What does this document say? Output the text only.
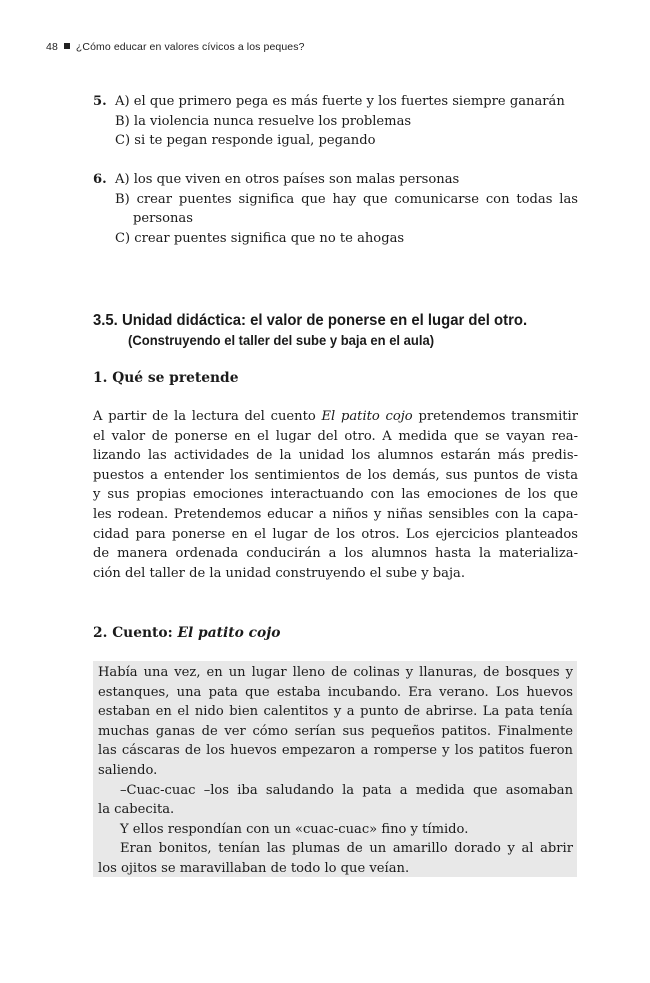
48 ¿Cómo educar en valores cívicos a los peques?
5. A) el que primero pega es más fuerte y los fuertes siempre ganarán
B) la violencia nunca resuelve los problemas
C) si te pegan responde igual, pegando
6. A) los que viven en otros países son malas personas
B) crear puentes significa que hay que comunicarse con todas las
personas
C) crear puentes significa que no te ahogas
3.5. Unidad didáctica: el valor de ponerse en el lugar del otro.
(Construyendo el taller del sube y baja en el aula)
1. Qué se pretende
A partir de la lectura del cuento El patito cojo pretendemos transmitir
el valor de ponerse en el lugar del otro. A medida que se vayan rea-
lizando las actividades de la unidad los alumnos estarán más predis-
puestos a entender los sentimientos de los demás, sus puntos de vista
y sus propias emociones interactuando con las emociones de los que
les rodean. Pretendemos educar a niños y niñas sensibles con la capa-
cidad para ponerse en el lugar de los otros. Los ejercicios planteados
de manera ordenada conducirán a los alumnos hasta la materializa-
ción del taller de la unidad construyendo el sube y baja.
2. Cuento: El patito cojo
Había una vez, en un lugar lleno de colinas y llanuras, de bosques y
estanques, una pata que estaba incubando. Era verano. Los huevos
estaban en el nido bien calentitos y a punto de abrirse. La pata tenía
muchas ganas de ver cómo serían sus pequeños patitos. Finalmente
las cáscaras de los huevos empezaron a romperse y los patitos fueron
saliendo.
–Cuac-cuac –los iba saludando la pata a medida que asomaban
la cabecita.
Y ellos respondían con un «cuac-cuac» fino y tímido.
Eran bonitos, tenían las plumas de un amarillo dorado y al abrir
los ojitos se maravillaban de todo lo que veían.
